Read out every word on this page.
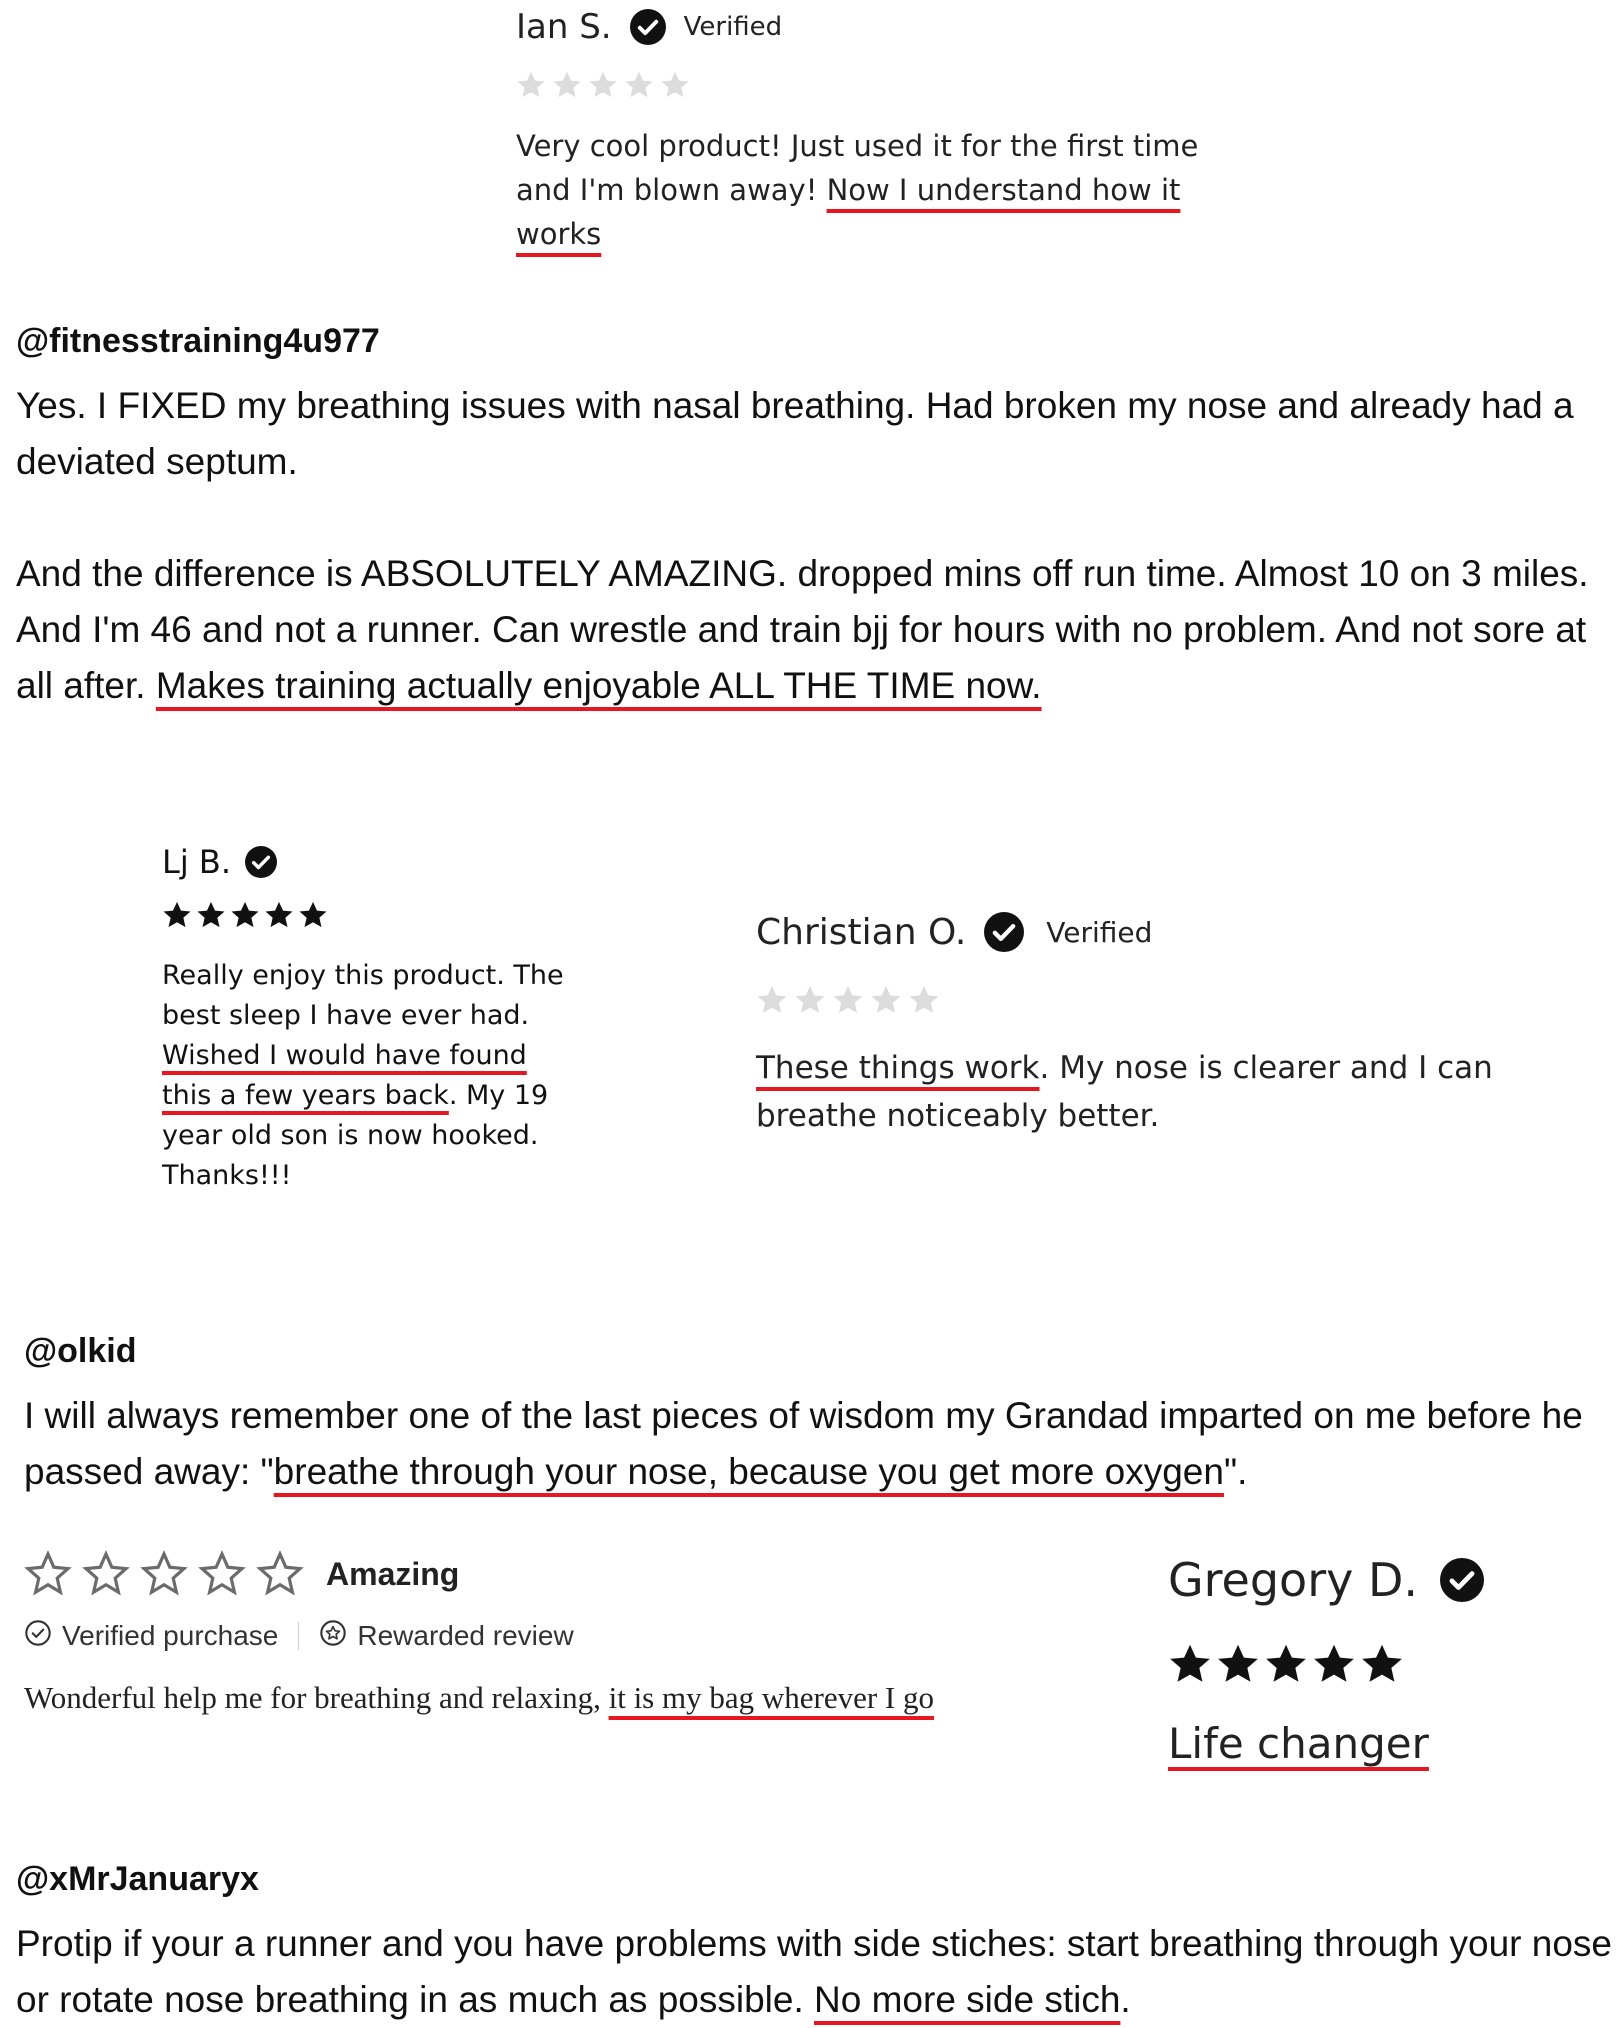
Ian S.	Verified

Very cool product! Just used it for the first time and I'm blown away! Now I understand how it works

@fitnesstraining4u977

Yes. I FIXED my breathing issues with nasal breathing. Had broken my nose and already had a deviated septum.

And the difference is ABSOLUTELY AMAZING. dropped mins off run time. Almost 10 on 3 miles. And I'm 46 and not a runner. Can wrestle and train bjj for hours with no problem. And not sore at all after. Makes training actually enjoyable ALL THE TIME now.

Lj B.

Really enjoy this product. The best sleep I have ever had. Wished I would have found this a few years back. My 19 year old son is now hooked. Thanks!!!

Christian O.	Verified

These things work. My nose is clearer and I can breathe noticeably better.

@olkid

I will always remember one of the last pieces of wisdom my Grandad imparted on me before he passed away: "breathe through your nose, because you get more oxygen".

Amazing
Verified purchase	Rewarded review

Wonderful help me for breathing and relaxing, it is my bag wherever I go

Gregory D.
Life changer
@xMrJanuaryx

Protip if your a runner and you have problems with side stiches: start breathing through your nose or rotate nose breathing in as much as possible. No more side stich.
